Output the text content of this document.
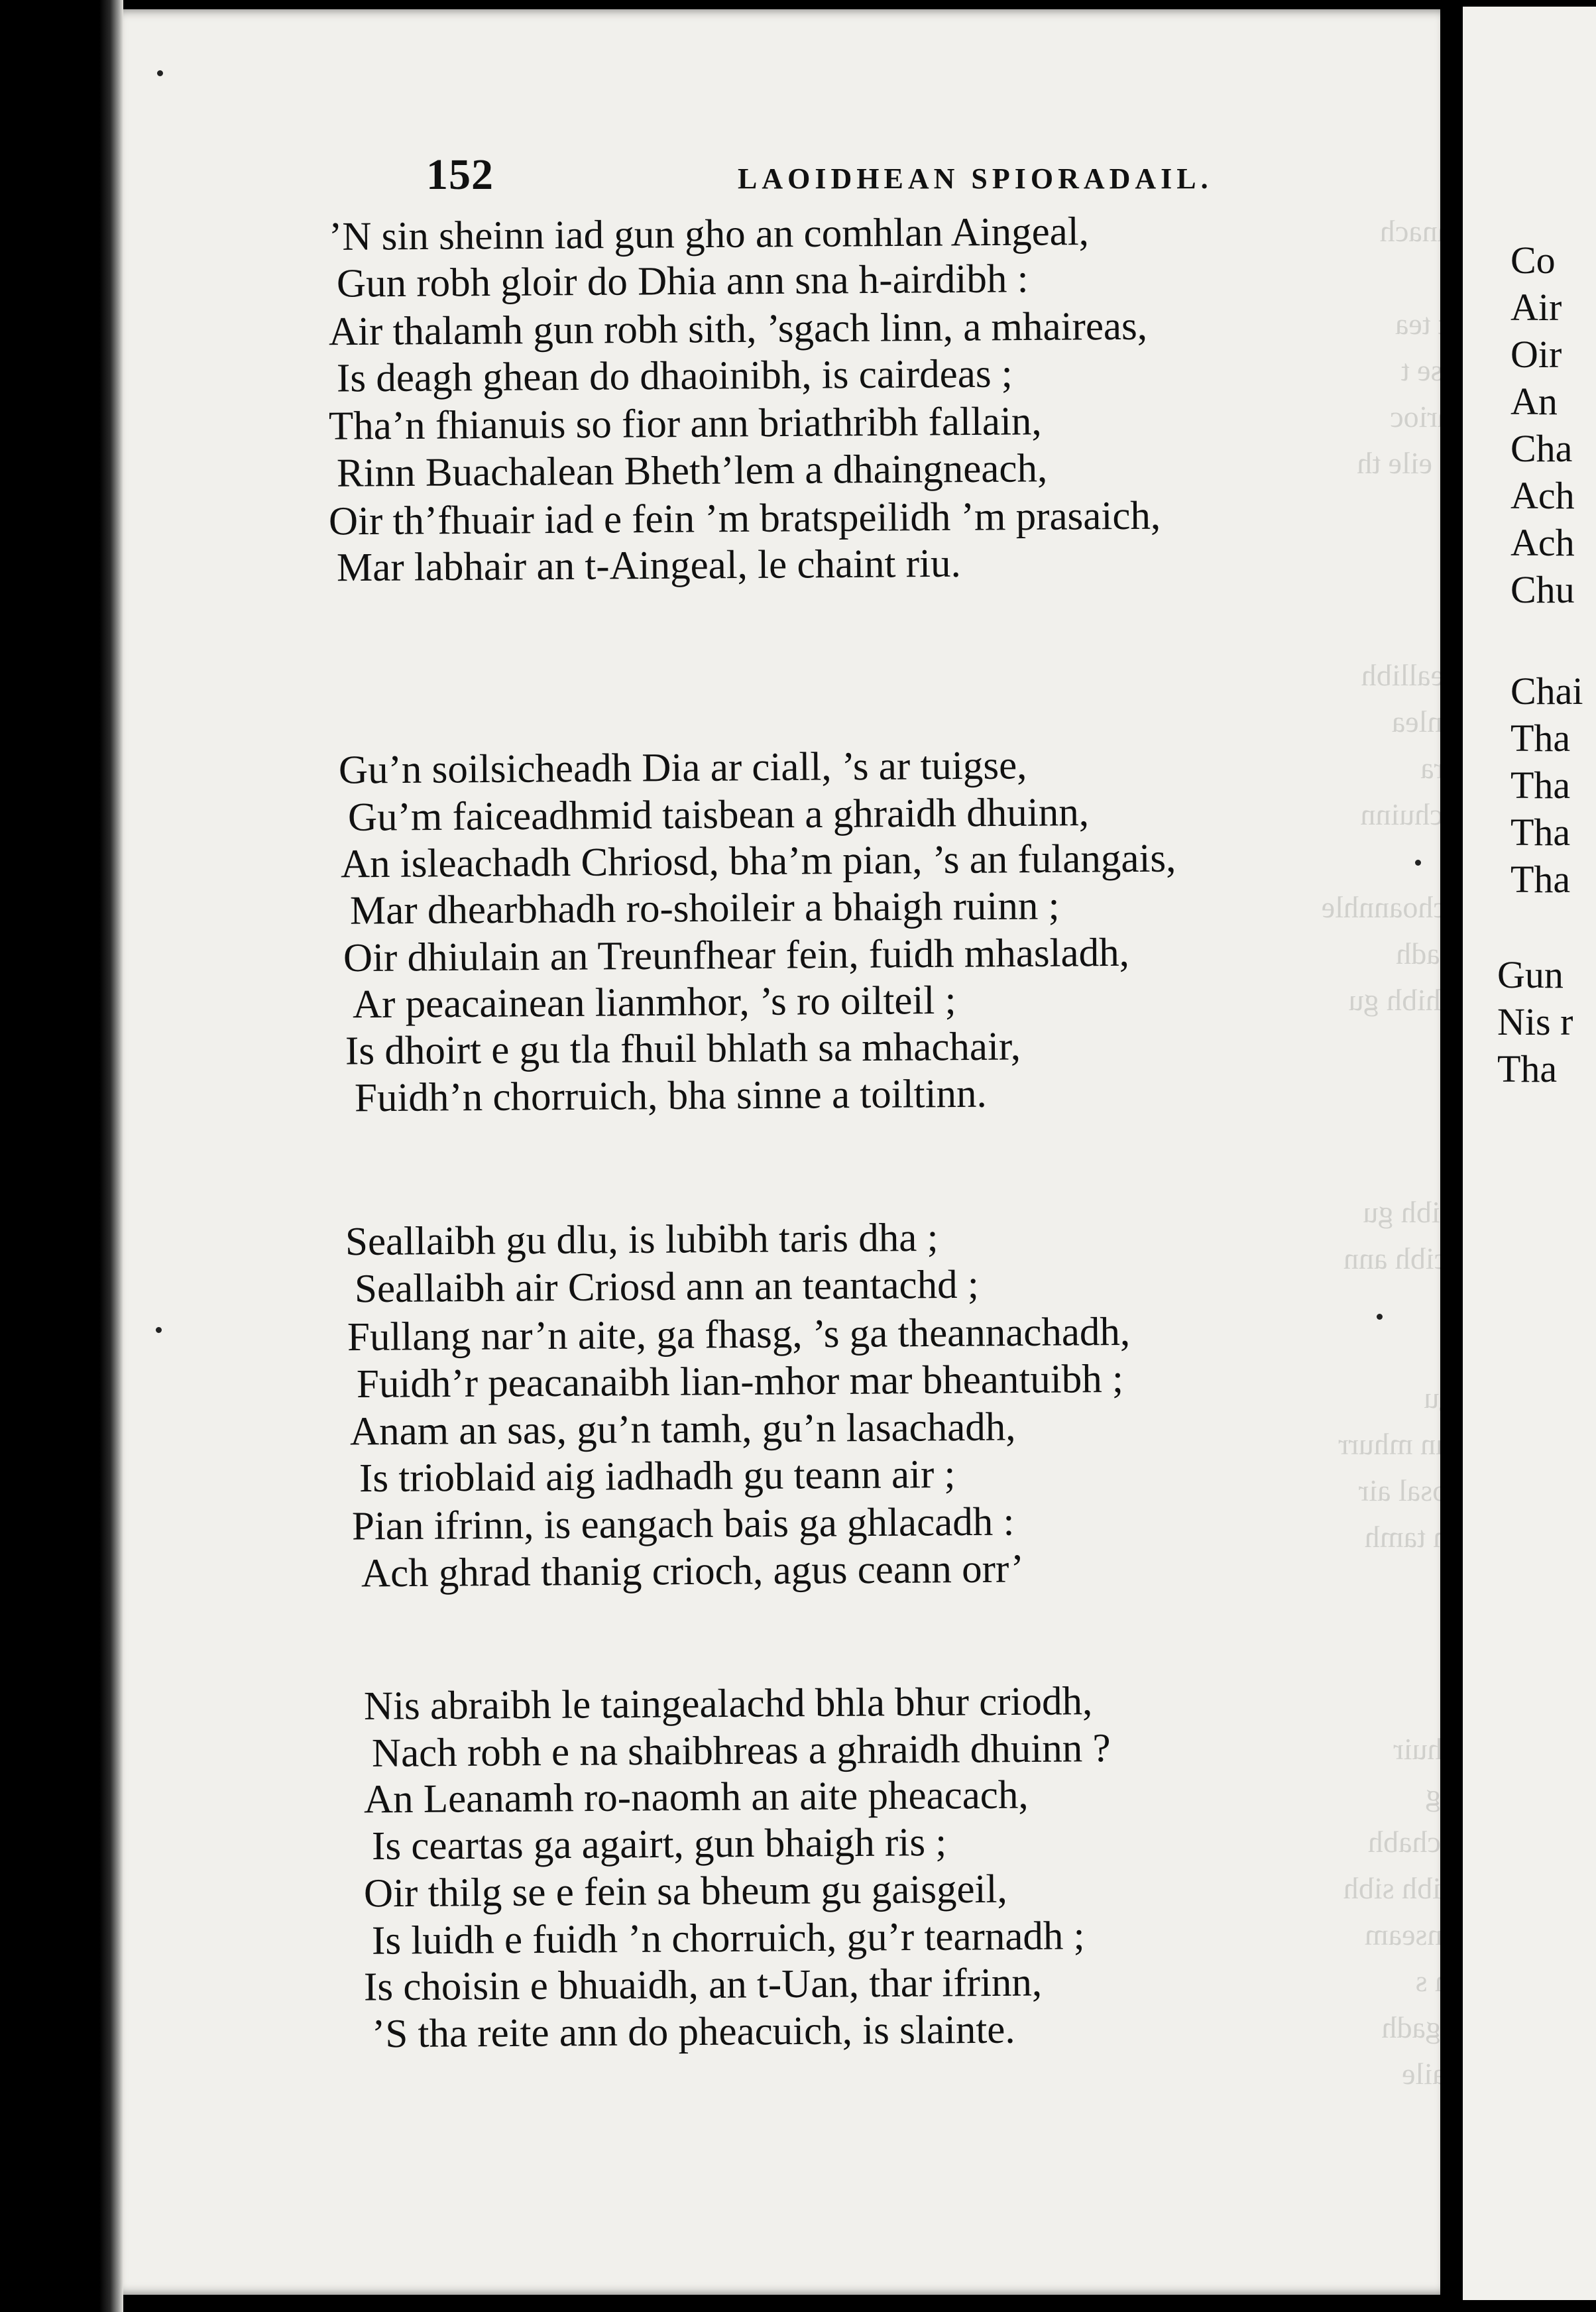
grianach
tea
t
chrioc
Chum eile th
Ach seallibh
innlea
’S co chuinn
Gu n choannhle
Is teichibh gu
Seallaibh gu
’S faicibh ann
gu
’Se gun mhurr
Ach iosal air
Ghabh tamh
chuir
rachabh
Is gheibh sibh
Oir innseam
s
rugadh
baile
152	LAOIDHEAN SPIORADAIL.
’N sin sheinn iad gun gho an comhlan Aingeal,
Gun robh gloir do Dhia ann sna h-airdibh :
Air thalamh gun robh sith, ’sgach linn, a mhaireas,
Is deagh ghean do dhaoinibh, is cairdeas ;
Tha’n fhianuis so fior ann briathribh fallain,
Rinn Buachalean Bheth’lem a dhaingneach,
Oir th’fhuair iad e fein ’m bratspeilidh ’m prasaich,
Mar labhair an t-Aingeal, le chaint riu.
Gu’n soilsicheadh Dia ar ciall, ’s ar tuigse,
Gu’m faiceadhmid taisbean a ghraidh dhuinn,
An isleachadh Chriosd, bha’m pian, ’s an fulangais,
Mar dhearbhadh ro-shoileir a bhaigh ruinn ;
Oir dhiulain an Treunfhear fein, fuidh mhasladh,
Ar peacainean lianmhor, ’s ro oilteil ;
Is dhoirt e gu tla fhuil bhlath sa mhachair,
Fuidh’n chorruich, bha sinne a toiltinn.
Seallaibh gu dlu, is lubibh taris dha ;
Seallaibh air Criosd ann an teantachd ;
Fullang nar’n aite, ga fhasg, ’s ga theannachadh,
Fuidh’r peacanaibh lian-mhor mar bheantuibh ;
Anam an sas, gu’n tamh, gu’n lasachadh,
Is trioblaid aig iadhadh gu teann air ;
Pian ifrinn, is eangach bais ga ghlacadh :
Ach ghrad thanig crioch, agus ceann orr’
Nis abraibh le taingealachd bhla bhur criodh,
Nach robh e na shaibhreas a ghraidh dhuinn ?
An Leanamh ro-naomh an aite pheacach,
Is ceartas ga agairt, gun bhaigh ris ;
Oir thilg se e fein sa bheum gu gaisgeil,
Is luidh e fuidh ’n chorruich, gu’r tearnadh ;
Is choisin e bhuaidh, an t-Uan, thar ifrinn,
’S tha reite ann do pheacuich, is slainte.
Co
Air
Oir
An
Cha
Ach
Ach
Chu
Chai
Tha
Tha
Tha
Tha
Gun
Nis r
Tha
